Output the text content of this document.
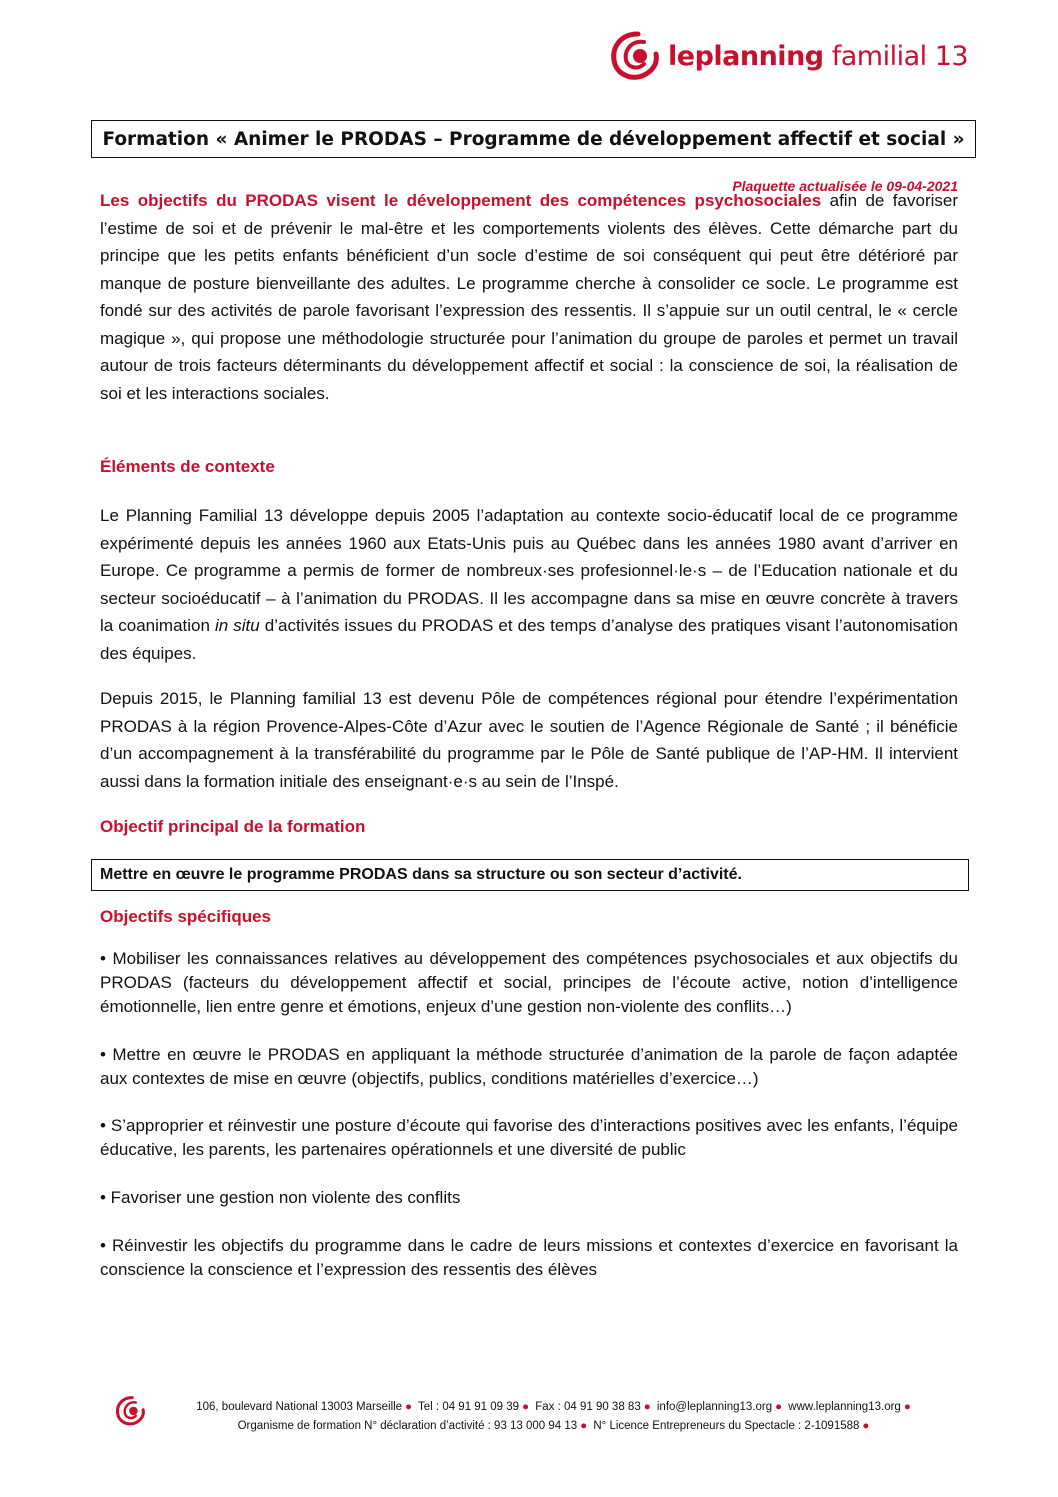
leplanning familial 13
Formation « Animer le PRODAS – Programme de développement affectif et social »
Plaquette actualisée le 09-04-2021

Les objectifs du PRODAS visent le développement des compétences psychosociales afin de favoriser l’estime de soi et de prévenir le mal-être et les comportements violents des élèves. Cette démarche part du principe que les petits enfants bénéficient d’un socle d’estime de soi conséquent qui peut être détérioré par manque de posture bienveillante des adultes. Le programme cherche à consolider ce socle. Le programme est fondé sur des activités de parole favorisant l’expression des ressentis. Il s’appuie sur un outil central, le « cercle magique », qui propose une méthodologie structurée pour l’animation du groupe de paroles et permet un travail autour de trois facteurs déterminants du développement affectif et social : la conscience de soi, la réalisation de soi et les interactions sociales.

Éléments de contexte

Le Planning Familial 13 développe depuis 2005 l’adaptation au contexte socio-éducatif local de ce programme expérimenté depuis les années 1960 aux Etats-Unis puis au Québec dans les années 1980 avant d’arriver en Europe. Ce programme a permis de former de nombreux·ses profesionnel·le·s – de l’Education nationale et du secteur socioéducatif – à l’animation du PRODAS. Il les accompagne dans sa mise en œuvre concrète à travers la coanimation in situ d’activités issues du PRODAS et des temps d’analyse des pratiques visant l’autonomisation des équipes.

Depuis 2015, le Planning familial 13 est devenu Pôle de compétences régional pour étendre l’expérimentation PRODAS à la région Provence-Alpes-Côte d’Azur avec le soutien de l’Agence Régionale de Santé ; il bénéficie d’un accompagnement à la transférabilité du programme par le Pôle de Santé publique de l’AP-HM. Il intervient aussi dans la formation initiale des enseignant·e·s au sein de l’Inspé.

Objectif principal de la formation
Mettre en œuvre le programme PRODAS dans sa structure ou son secteur d’activité.
Objectifs spécifiques

• Mobiliser les connaissances relatives au développement des compétences psychosociales et aux objectifs du PRODAS (facteurs du développement affectif et social, principes de l’écoute active, notion d’intelligence émotionnelle, lien entre genre et émotions, enjeux d’une gestion non-violente des conflits…)

• Mettre en œuvre le PRODAS en appliquant la méthode structurée d’animation de la parole de façon adaptée aux contextes de mise en œuvre (objectifs, publics, conditions matérielles d’exercice…)

• S’approprier et réinvestir une posture d’écoute qui favorise des d’interactions positives avec les enfants, l’équipe éducative, les parents, les partenaires opérationnels et une diversité de public

• Favoriser une gestion non violente des conflits

• Réinvestir les objectifs du programme dans le cadre de leurs missions et contextes d’exercice en favorisant la conscience la conscience et l’expression des ressentis des élèves

106, boulevard National 13003 Marseille ● Tel : 04 91 91 09 39 ● Fax : 04 91 90 38 83 ● info@leplanning13.org ● www.leplanning13.org ●
Organisme de formation N° déclaration d’activité : 93 13 000 94 13 ● N° Licence Entrepreneurs du Spectacle : 2-1091588 ●
